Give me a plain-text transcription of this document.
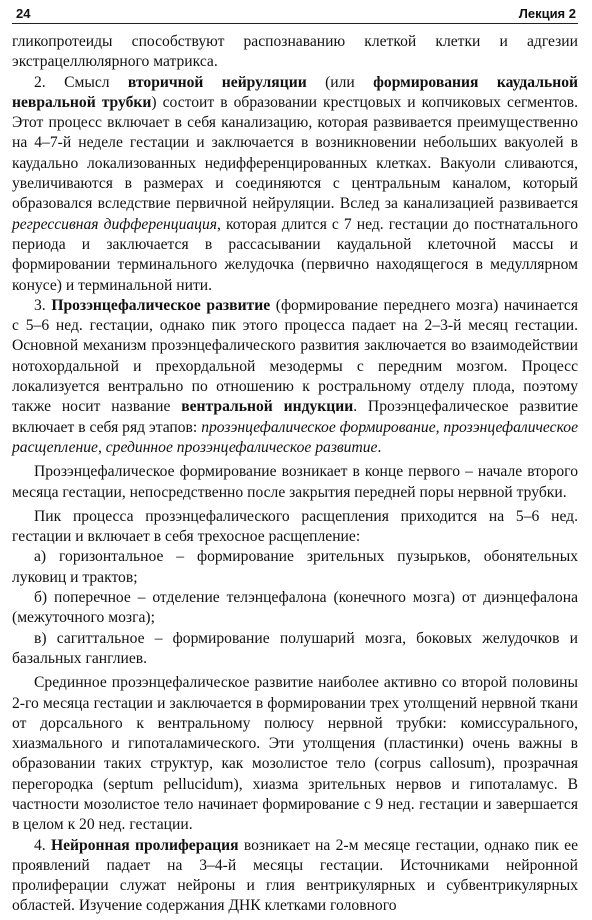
24	Лекция 2

гликопротеиды способствуют распознаванию клеткой клетки и адгезии экстрацеллюлярного матрикса.

2. Смысл вторичной нейруляции (или формирования каудальной невральной трубки) состоит в образовании крестцовых и копчиковых сегментов. Этот процесс включает в себя канализацию, которая развивается преимущественно на 4–7-й неделе гестации и заключается в возникновении небольших вакуолей в каудально локализованных недифференцированных клетках. Вакуоли сливаются, увеличиваются в размерах и соединяются с центральным каналом, который образовался вследствие первичной нейруляции. Вслед за канализацией развивается регрессивная дифференциация, которая длится с 7 нед. гестации до постнатального периода и заключается в рассасывании каудальной клеточной массы и формировании терминального желудочка (первично находящегося в медуллярном конусе) и терминальной нити.

3. Прозэнцефалическое развитие (формирование переднего мозга) начинается с 5–6 нед. гестации, однако пик этого процесса падает на 2–3-й месяц гестации. Основной механизм прозэнцефалического развития заключается во взаимодействии нотохордальной и прехордальной мезодермы с передним мозгом. Процесс локализуется вентрально по отношению к ростральному отделу плода, поэтому также носит название вентральной индукции. Прозэнцефалическое развитие включает в себя ряд этапов: прозэнцефалическое формирование, прозэнцефалическое расщепление, срединное прозэнцефалическое развитие.

Прозэнцефалическое формирование возникает в конце первого – начале второго месяца гестации, непосредственно после закрытия передней поры нервной трубки.

Пик процесса прозэнцефалического расщепления приходится на 5–6 нед. гестации и включает в себя трехосное расщепление:

а) горизонтальное – формирование зрительных пузырьков, обонятельных луковиц и трактов;

б) поперечное – отделение телэнцефалона (конечного мозга) от диэнцефалона (межуточного мозга);

в) сагиттальное – формирование полушарий мозга, боковых желудочков и базальных ганглиев.

Срединное прозэнцефалическое развитие наиболее активно со второй половины 2-го месяца гестации и заключается в формировании трех утолщений нервной ткани от дорсального к вентральному полюсу нервной трубки: комиссурального, хиазмального и гипоталамического. Эти утолщения (пластинки) очень важны в образовании таких структур, как мозолистое тело (corpus callosum), прозрачная перегородка (septum pellucidum), хиазма зрительных нервов и гипоталамус. В частности мозолистое тело начинает формирование с 9 нед. гестации и завершается в целом к 20 нед. гестации.

4. Нейронная пролиферация возникает на 2-м месяце гестации, однако пик ее проявлений падает на 3–4-й месяцы гестации. Источниками нейронной пролиферации служат нейроны и глия вентрикулярных и субвентрикулярных областей. Изучение содержания ДНК клетками головного
